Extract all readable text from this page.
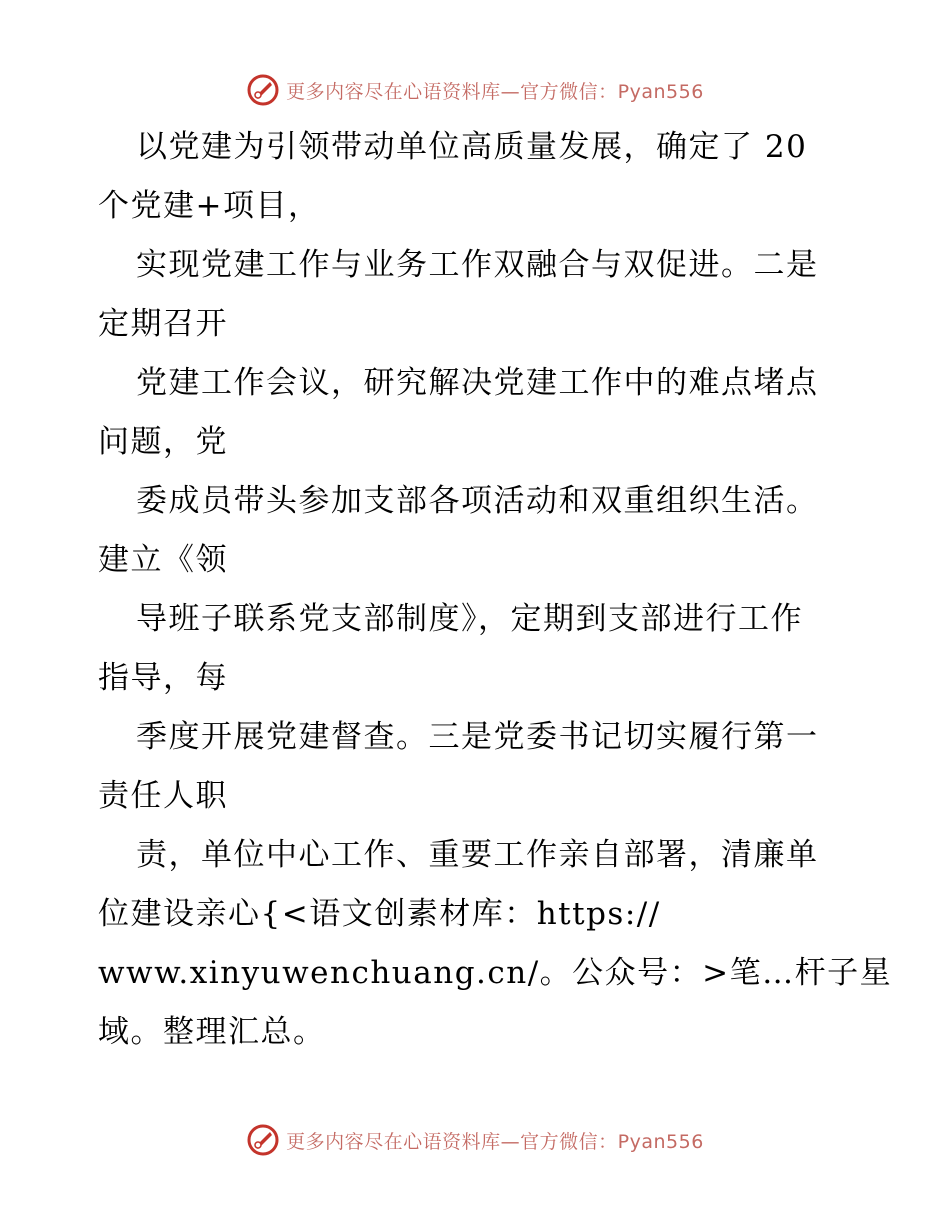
更多内容尽在心语资料库—官方微信：Pyan556
以党建为引领带动单位高质量发展，确定了 20
个党建+项目，
实现党建工作与业务工作双融合与双促进。二是
定期召开
党建工作会议，研究解决党建工作中的难点堵点
问题，党
委成员带头参加支部各项活动和双重组织生活。
建立《领
导班子联系党支部制度》，定期到支部进行工作
指导，每
季度开展党建督查。三是党委书记切实履行第一
责任人职
责，单位中心工作、重要工作亲自部署，清廉单
位建设亲心{<语文创素材库：https://
www.xinyuwenchuang.cn/。公众号：>笔…杆子星
域。整理汇总。
更多内容尽在心语资料库—官方微信：Pyan556
